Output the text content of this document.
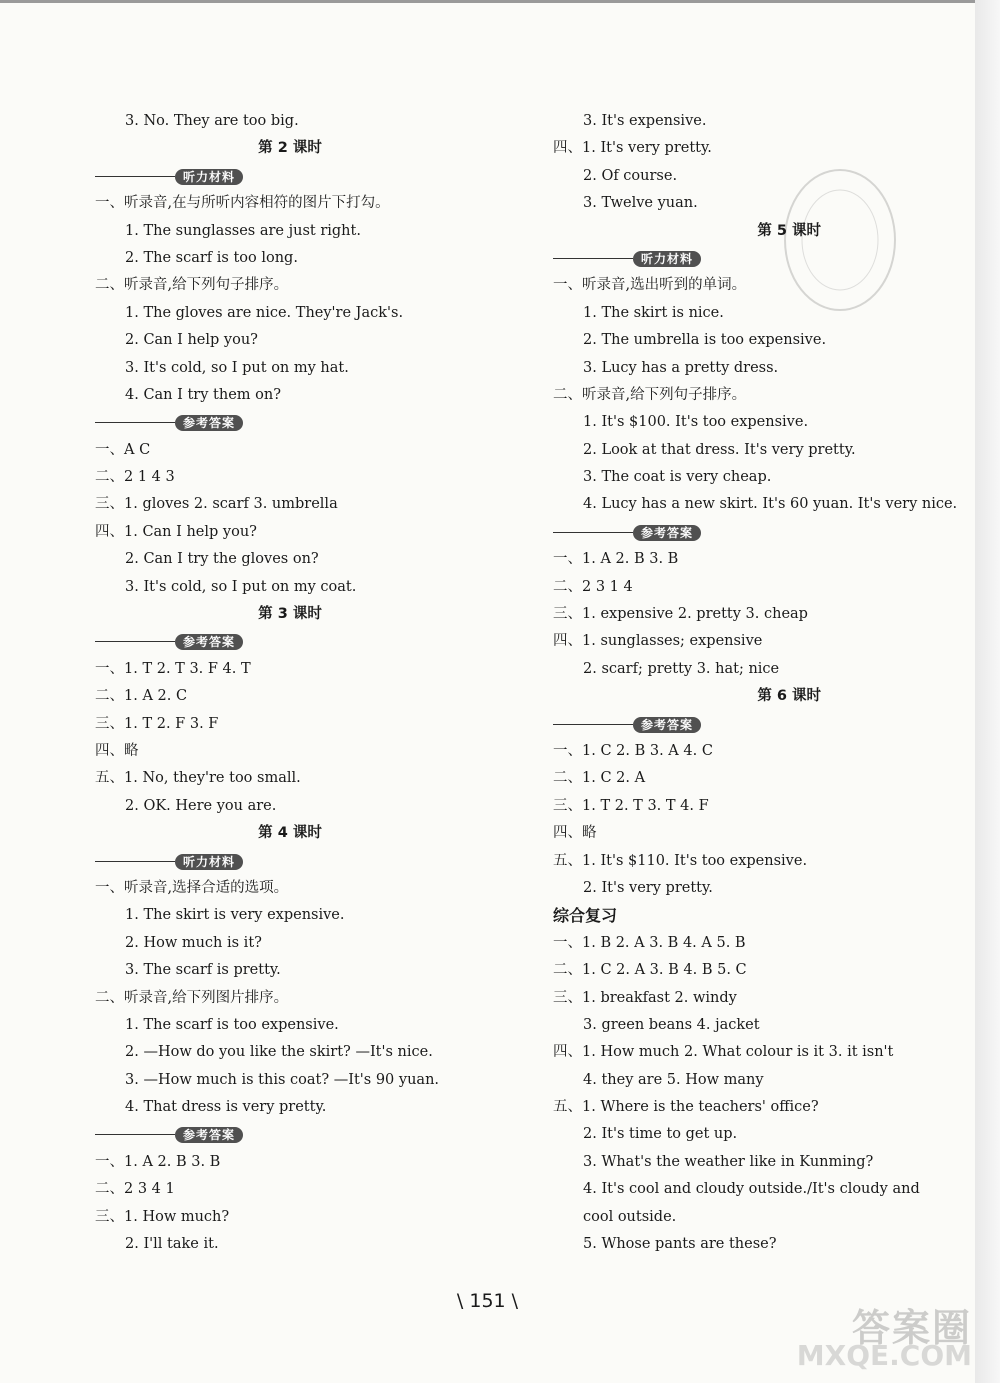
3. No. They are too big.
第 2 课时
听力材料
一、听录音,在与所听内容相符的图片下打勾。
1. The sunglasses are just right.
2. The scarf is too long.
二、听录音,给下列句子排序。
1. The gloves are nice. They're Jack's.
2. Can I help you?
3. It's cold, so I put on my hat.
4. Can I try them on?
参考答案
一、A C
二、2 1 4 3
三、1. gloves 2. scarf 3. umbrella
四、1. Can I help you?
2. Can I try the gloves on?
3. It's cold, so I put on my coat.
第 3 课时
参考答案
一、1. T 2. T 3. F 4. T
二、1. A 2. C
三、1. T 2. F 3. F
四、略
五、1. No, they're too small.
2. OK. Here you are.
第 4 课时
听力材料
一、听录音,选择合适的选项。
1. The skirt is very expensive.
2. How much is it?
3. The scarf is pretty.
二、听录音,给下列图片排序。
1. The scarf is too expensive.
2. —How do you like the skirt? —It's nice.
3. —How much is this coat? —It's 90 yuan.
4. That dress is very pretty.
参考答案
一、1. A 2. B 3. B
二、2 3 4 1
三、1. How much?
2. I'll take it.
3. It's expensive.
四、1. It's very pretty.
2. Of course.
3. Twelve yuan.
第 5 课时
听力材料
一、听录音,选出听到的单词。
1. The skirt is nice.
2. The umbrella is too expensive.
3. Lucy has a pretty dress.
二、听录音,给下列句子排序。
1. It's $100. It's too expensive.
2. Look at that dress. It's very pretty.
3. The coat is very cheap.
4. Lucy has a new skirt. It's 60 yuan. It's very nice.
参考答案
一、1. A 2. B 3. B
二、2 3 1 4
三、1. expensive 2. pretty 3. cheap
四、1. sunglasses; expensive
2. scarf; pretty 3. hat; nice
第 6 课时
参考答案
一、1. C 2. B 3. A 4. C
二、1. C 2. A
三、1. T 2. T 3. T 4. F
四、略
五、1. It's $110. It's too expensive.
2. It's very pretty.
综合复习
一、1. B 2. A 3. B 4. A 5. B
二、1. C 2. A 3. B 4. B 5. C
三、1. breakfast 2. windy
3. green beans 4. jacket
四、1. How much 2. What colour is it 3. it isn't
4. they are 5. How many
五、1. Where is the teachers' office?
2. It's time to get up.
3. What's the weather like in Kunming?
4. It's cool and cloudy outside./It's cloudy and
cool outside.
5. Whose pants are these?
\ 151 \
答案圈
MXQE.COM
